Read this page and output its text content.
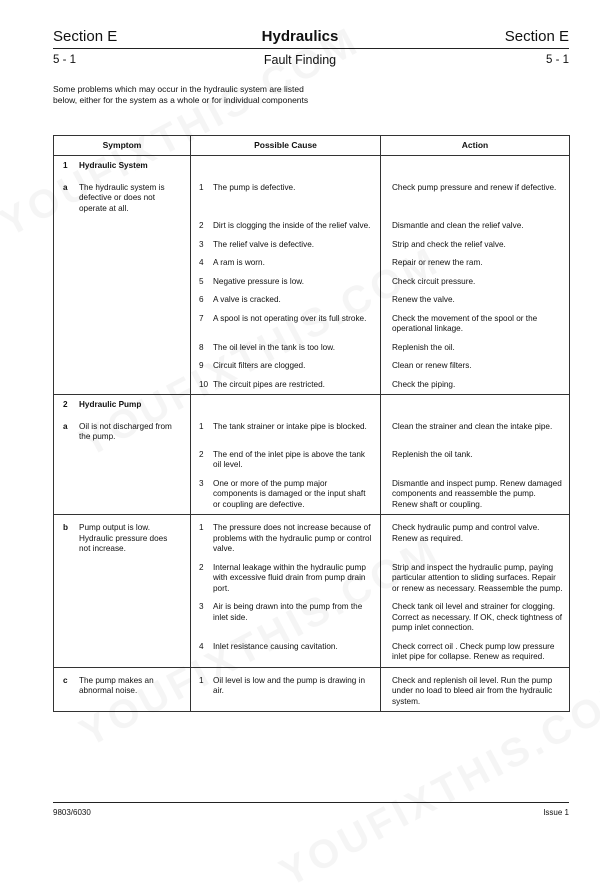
Section E	Hydraulics	Section E
5 - 1	Fault Finding	5 - 1
Some problems which may occur in the hydraulic system are listed below, either for the system as a whole or for individual components
Symptom	Possible Cause	Action

1 Hydraulic System		

a The hydraulic system is defective or does not operate at all.	1 The pump is defective.	Check pump pressure and renew if defective.

	2 Dirt is clogging the inside of the relief valve.	Dismantle and clean the relief valve.

	3 The relief valve is defective.	Strip and check the relief valve.

	4 A ram is worn.	Repair or renew the ram.

	5 Negative pressure is low.	Check circuit pressure.

	6 A valve is cracked.	Renew the valve.

	7 A spool is not operating over its full stroke.	Check the movement of the spool or the operational linkage.

	8 The oil level in the tank is too low.	Replenish the oil.

	9 Circuit filters are clogged.	Clean or renew filters.

	10 The circuit pipes are restricted.	Check the piping.

2 Hydraulic Pump		

a Oil is not discharged from the pump.	1 The tank strainer or intake pipe is blocked.	Clean the strainer and clean the intake pipe.

	2 The end of the inlet pipe is above the tank oil level.	Replenish the oil tank.

	3 One or more of the pump major components is damaged or the input shaft or coupling are defective.	Dismantle and inspect pump. Renew damaged components and reassemble the pump. Renew shaft or coupling.

b Pump output is low. Hydraulic pressure does not increase.	1 The pressure does not increase because of problems with the hydraulic pump or control valve.	Check hydraulic pump and control valve. Renew as required.

	2 Internal leakage within the hydraulic pump with excessive fluid drain from pump drain port.	Strip and inspect the hydraulic pump, paying particular attention to sliding surfaces. Repair or renew as necessary. Reassemble the pump.

	3 Air is being drawn into the pump from the inlet side.	Check tank oil level and strainer for clogging. Correct as necessary. If OK, check tightness of pump inlet connection.

	4 Inlet resistance causing cavitation.	Check correct oil . Check pump low pressure inlet pipe for collapse. Renew as required.

c The pump makes an abnormal noise.	1 Oil level is low and the pump is drawing in air.	Check and replenish oil level. Run the pump under no load to bleed air from the hydraulic system.
9803/6030	Issue 1
